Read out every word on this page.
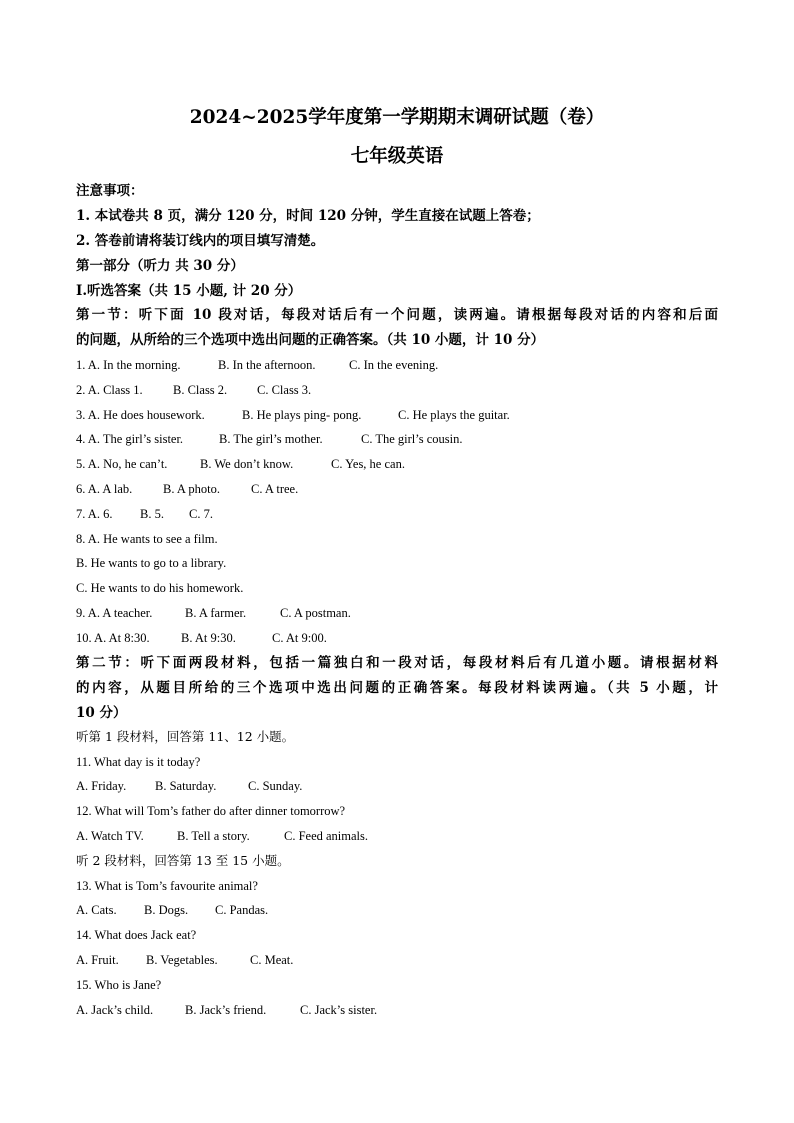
2024~2025学年度第一学期期末调研试题（卷）
七年级英语
注意事项：
1. 本试卷共 8 页，满分 120 分，时间 120 分钟，学生直接在试题上答卷；
2. 答卷前请将装订线内的项目填写清楚。
第一部分（听力 共 30 分）
I.听选答案（共 15 小题, 计 20 分）
第一节：听下面 10 段对话，每段对话后有一个问题，读两遍。请根据每段对话的内容和后面
的问题，从所给的三个选项中选出问题的正确答案。（共 10 小题，计 10 分）
1. A. In the morning.	B. In the afternoon.	C. In the evening.
2. A. Class 1. B. Class 2. C. Class 3.
3. A. He does housework.	B. He plays ping- pong.	C. He plays the guitar.
4. A. The girl’s sister.	B. The girl’s mother.	C. The girl’s cousin.
5. A. No, he can’t.	B. We don’t know.	C. Yes, he can.
6. A. A lab. B. A photo. C. A tree.
7. A. 6. B. 5. C. 7.
8. A. He wants to see a film.
B. He wants to go to a library.
C. He wants to do his homework.
9. A. A teacher.	B. A farmer.	C. A postman.
10. A. At 8:30.	B. At 9:30.	C. At 9:00.
第二节：听下面两段材料，包括一篇独白和一段对话，每段材料后有几道小题。请根据材料
的内容，从题目所给的三个选项中选出问题的正确答案。每段材料读两遍。（共 5 小题，计
10 分）
听第 1 段材料，回答第 11、12 小题。
11. What day is it today?
A. Friday. B. Saturday.	C. Sunday.
12. What will Tom’s father do after dinner tomorrow?
A. Watch TV.	B. Tell a story.	C. Feed animals.
听 2 段材料，回答第 13 至 15 小题。
13. What is Tom’s favourite animal?
A. Cats. B. Dogs. C. Pandas.
14. What does Jack eat?
A. Fruit. B. Vegetables.	C. Meat.
15. Who is Jane?
A. Jack’s child.	B. Jack’s friend.	C. Jack’s sister.
